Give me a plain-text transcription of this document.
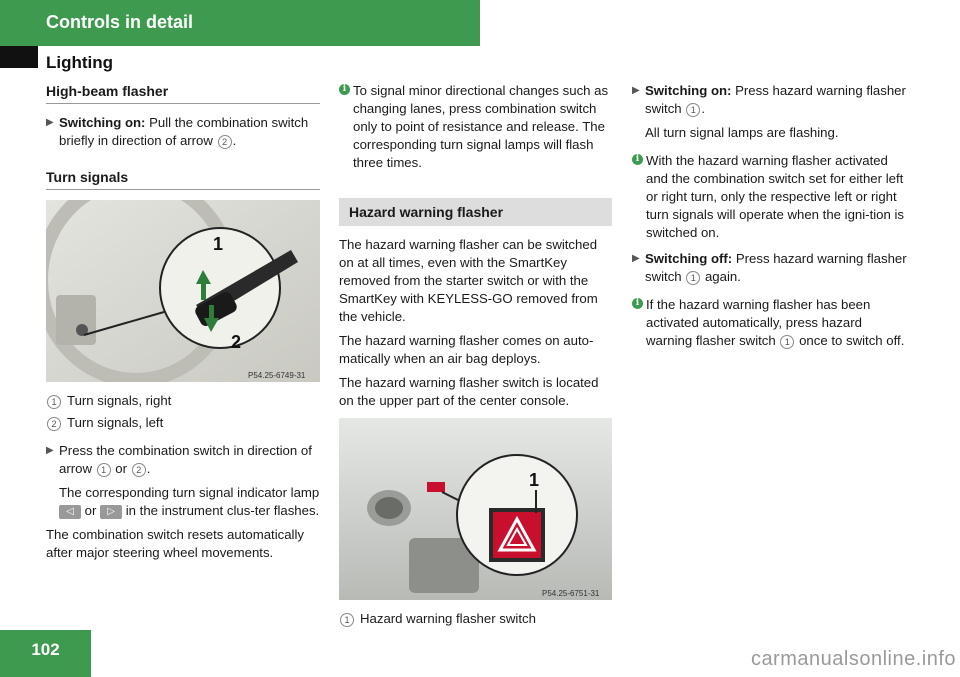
Controls in detail
Lighting
High-beam flasher
▶ Switching on: Pull the combination switch briefly in direction of arrow 2 .
Turn signals
1
2
P54.25-6749-31
1 Turn signals, right
2 Turn signals, left
▶ Press the combination switch in direction of arrow 1 or 2 .
The corresponding turn signal indicator lamp ◁ or ▷ in the instrument clus-ter flashes.
The combination switch resets automatically after major steering wheel movements.
i To signal minor directional changes such as changing lanes, press combination switch only to point of resistance and release. The corresponding turn signal lamps will flash three times.
Hazard warning flasher
The hazard warning flasher can be switched on at all times, even with the SmartKey removed from the starter switch or with the SmartKey with KEYLESS-GO removed from the vehicle.
The hazard warning flasher comes on auto-matically when an air bag deploys.
The hazard warning flasher switch is located on the upper part of the center console.
1
P54.25-6751-31
1 Hazard warning flasher switch
▶ Switching on: Press hazard warning flasher switch 1 .
All turn signal lamps are flashing.
i With the hazard warning flasher activated and the combination switch set for either left or right turn, only the respective left or right turn signals will operate when the igni-tion is switched on.
▶ Switching off: Press hazard warning flasher switch 1 again.
i If the hazard warning flasher has been activated automatically, press hazard warning flasher switch 1 once to switch off.
102	carmanualsonline.info
